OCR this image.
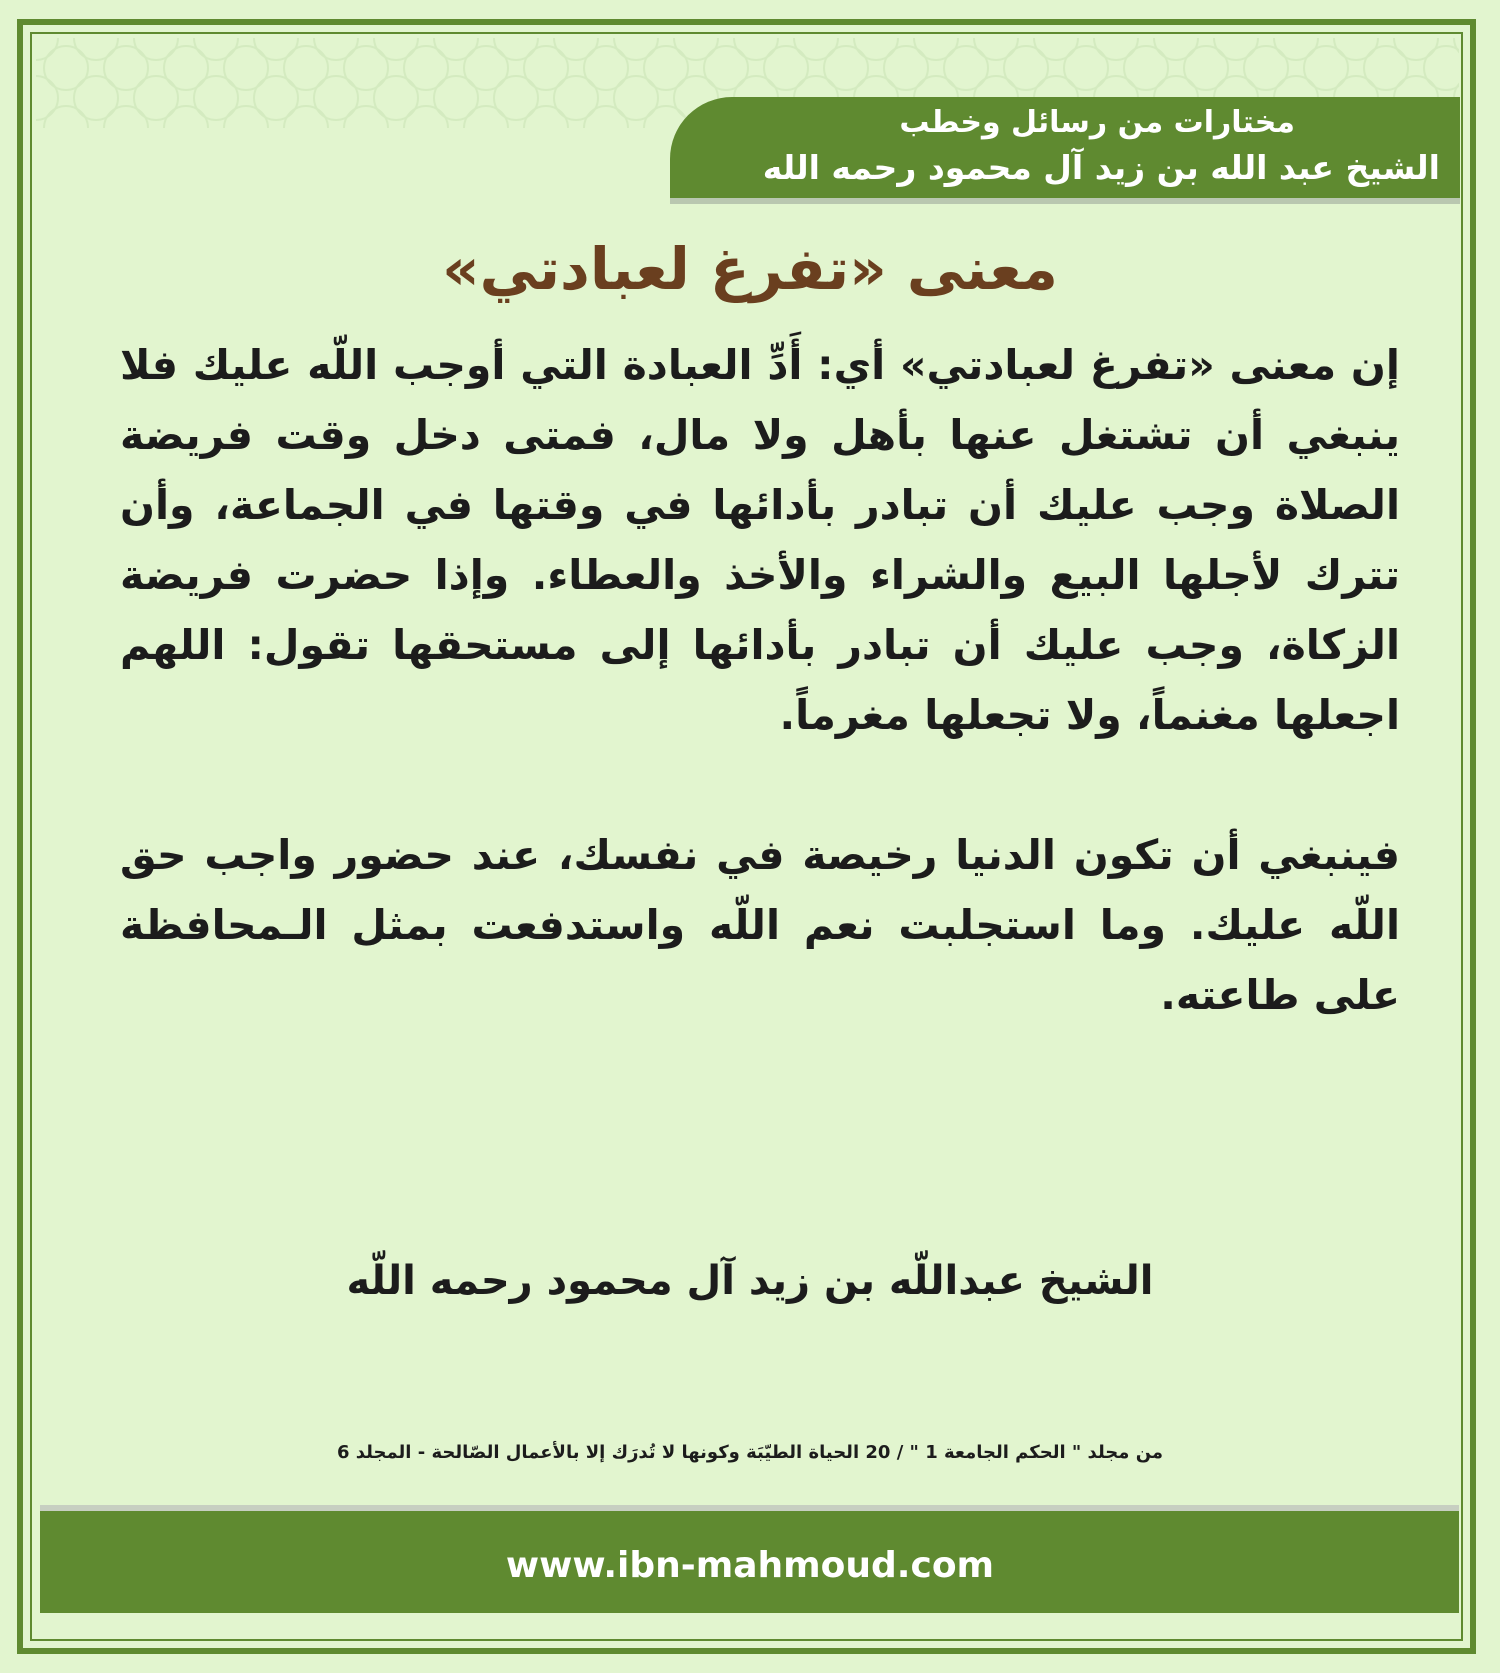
مختارات من رسائل وخطب
الشيخ عبد الله بن زيد آل محمود رحمه الله
معنى «تفرغ لعبادتي»

إن معنى «تفرغ لعبادتي» أي: أَدِّ العبادة التي أوجب اللّه عليك فلا ينبغي أن تشتغل عنها بأهل ولا مال، فمتى دخل وقت فريضة الصلاة وجب عليك أن تبادر بأدائها في وقتها في الجماعة، وأن تترك لأجلها البيع والشراء والأخذ والعطاء. وإذا حضرت فريضة الزكاة، وجب عليك أن تبادر بأدائها إلى مستحقها تقول: اللهم اجعلها مغنماً، ولا تجعلها مغرماً.

فينبغي أن تكون الدنيا رخيصة في نفسك، عند حضور واجب حق اللّه عليك. وما استجلبت نعم اللّه واستدفعت بمثل الـمحافظة على طاعته.

الشيخ عبداللّه بن زيد آل محمود رحمه اللّه
من مجلد " الحكم الجامعة 1 " / 20 الحياة الطيّبَة وكونها لا تُدرَك إلا بالأعمال الصّالحة - المجلد 6
www.ibn-mahmoud.com
